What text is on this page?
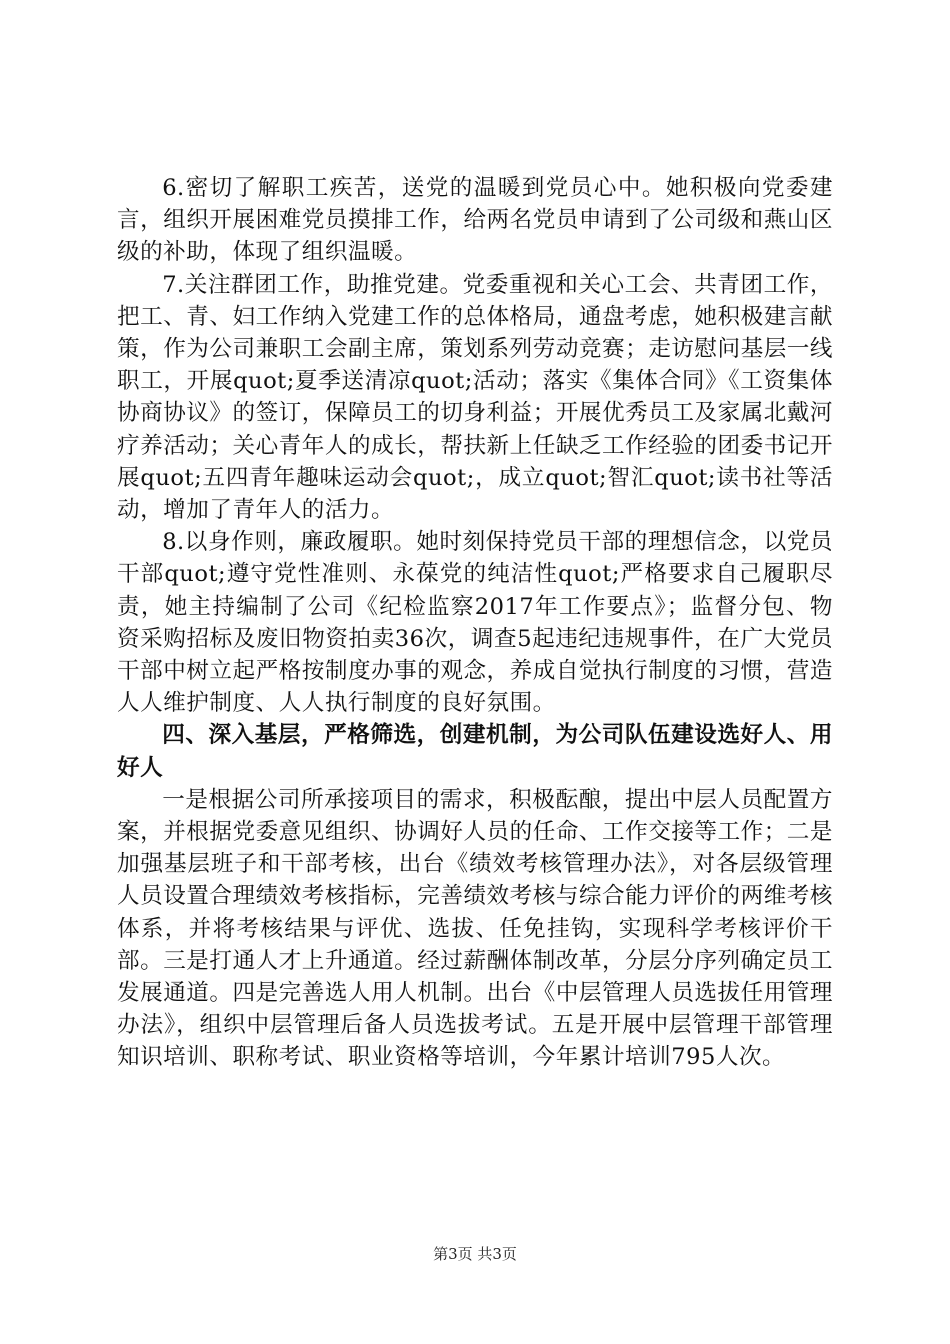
6.密切了解职工疾苦，送党的温暖到党员心中。她积极向党委建言，组织开展困难党员摸排工作，给两名党员申请到了公司级和燕山区级的补助，体现了组织温暖。

7.关注群团工作，助推党建。党委重视和关心工会、共青团工作，把工、青、妇工作纳入党建工作的总体格局，通盘考虑，她积极建言献策，作为公司兼职工会副主席，策划系列劳动竞赛；走访慰问基层一线职工，开展quot;夏季送清凉quot;活动；落实《集体合同》《工资集体协商协议》的签订，保障员工的切身利益；开展优秀员工及家属北戴河疗养活动；关心青年人的成长，帮扶新上任缺乏工作经验的团委书记开展quot;五四青年趣味运动会quot;，成立quot;智汇quot;读书社等活动，增加了青年人的活力。

8.以身作则，廉政履职。她时刻保持党员干部的理想信念，以党员干部quot;遵守党性准则、永葆党的纯洁性quot;严格要求自己履职尽责，她主持编制了公司《纪检监察2017年工作要点》；监督分包、物资采购招标及废旧物资拍卖36次，调查5起违纪违规事件，在广大党员干部中树立起严格按制度办事的观念，养成自觉执行制度的习惯，营造人人维护制度、人人执行制度的良好氛围。

四、深入基层，严格筛选，创建机制，为公司队伍建设选好人、用好人

一是根据公司所承接项目的需求，积极酝酿，提出中层人员配置方案，并根据党委意见组织、协调好人员的任命、工作交接等工作；二是加强基层班子和干部考核，出台《绩效考核管理办法》，对各层级管理人员设置合理绩效考核指标，完善绩效考核与综合能力评价的两维考核体系，并将考核结果与评优、选拔、任免挂钩，实现科学考核评价干部。三是打通人才上升通道。经过薪酬体制改革，分层分序列确定员工发展通道。四是完善选人用人机制。出台《中层管理人员选拔任用管理办法》，组织中层管理后备人员选拔考试。五是开展中层管理干部管理知识培训、职称考试、职业资格等培训，今年累计培训795人次。

第3页 共3页
